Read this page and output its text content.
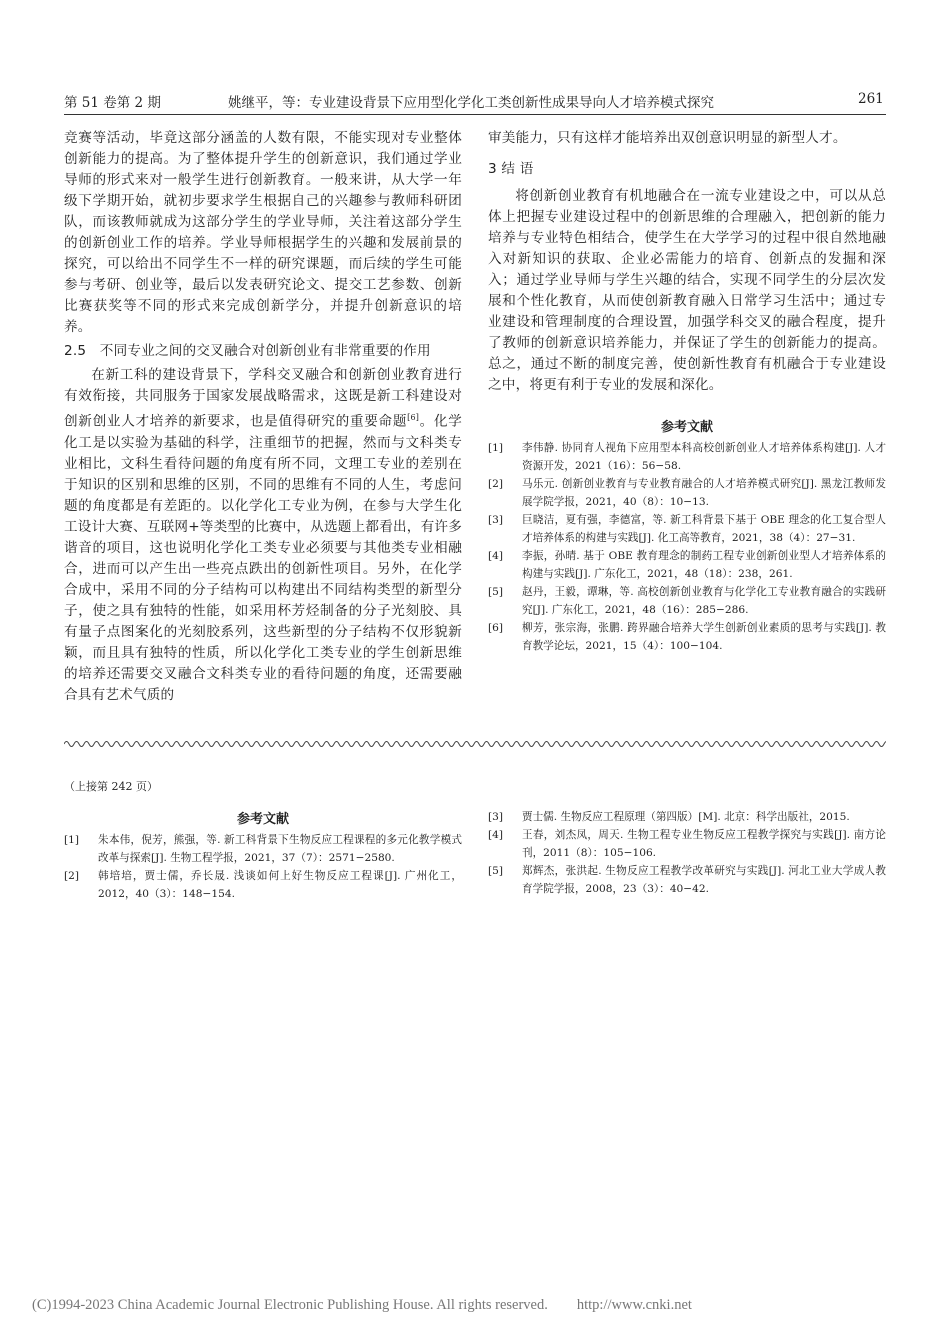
第 51 卷第 2 期	姚继平，等：专业建设背景下应用型化学化工类创新性成果导向人才培养模式探究	261

竞赛等活动，毕竟这部分涵盖的人数有限，不能实现对专业整体创新能力的提高。为了整体提升学生的创新意识，我们通过学业导师的形式来对一般学生进行创新教育。一般来讲，从大学一年级下学期开始，就初步要求学生根据自己的兴趣参与教师科研团队，而该教师就成为这部分学生的学业导师，关注着这部分学生的创新创业工作的培养。学业导师根据学生的兴趣和发展前景的探究，可以给出不同学生不一样的研究课题，而后续的学生可能参与考研、创业等，最后以发表研究论文、提交工艺参数、创新比赛获奖等不同的形式来完成创新学分，并提升创新意识的培养。

2.5 不同专业之间的交叉融合对创新创业有非常重要的作用

在新工科的建设背景下，学科交叉融合和创新创业教育进行有效衔接，共同服务于国家发展战略需求，这既是新工科建设对创新创业人才培养的新要求，也是值得研究的重要命题[6]。化学化工是以实验为基础的科学，注重细节的把握，然而与文科类专业相比，文科生看待问题的角度有所不同，文理工专业的差别在于知识的区别和思维的区别，不同的思维有不同的人生，考虑问题的角度都是有差距的。以化学化工专业为例，在参与大学生化工设计大赛、互联网+等类型的比赛中，从选题上都看出，有许多谐音的项目，这也说明化学化工类专业必须要与其他类专业相融合，进而可以产生出一些亮点跌出的创新性项目。另外，在化学合成中，采用不同的分子结构可以构建出不同结构类型的新型分子，使之具有独特的性能，如采用杯芳烃制备的分子光刻胶、具有量子点图案化的光刻胶系列，这些新型的分子结构不仅形貌新颖，而且具有独特的性质，所以化学化工类专业的学生创新思维的培养还需要交叉融合文科类专业的看待问题的角度，还需要融合具有艺术气质的

审美能力，只有这样才能培养出双创意识明显的新型人才。

3 结 语

将创新创业教育有机地融合在一流专业建设之中，可以从总体上把握专业建设过程中的创新思维的合理融入，把创新的能力培养与专业特色相结合，使学生在大学学习的过程中很自然地融入对新知识的获取、企业必需能力的培育、创新点的发掘和深入；通过学业导师与学生兴趣的结合，实现不同学生的分层次发展和个性化教育，从而使创新教育融入日常学习生活中；通过专业建设和管理制度的合理设置，加强学科交叉的融合程度，提升了教师的创新意识培养能力，并保证了学生的创新能力的提高。总之，通过不断的制度完善，使创新性教育有机融合于专业建设之中，将更有利于专业的发展和深化。

参考文献
[1]	李伟静. 协同育人视角下应用型本科高校创新创业人才培养体系构建[J]. 人才资源开发，2021（16）：56−58.
[2]	马乐元. 创新创业教育与专业教育融合的人才培养模式研究[J]. 黑龙江教师发展学院学报，2021，40（8）：10−13.
[3]	巨晓洁，夏有强，李德富，等. 新工科背景下基于 OBE 理念的化工复合型人才培养体系的构建与实践[J]. 化工高等教育，2021，38（4）：27−31.
[4]	李振，孙晴. 基于 OBE 教育理念的制药工程专业创新创业型人才培养体系的构建与实践[J]. 广东化工，2021，48（18）：238，261.
[5]	赵丹，王毅，谭琳，等. 高校创新创业教育与化学化工专业教育融合的实践研究[J]. 广东化工，2021，48（16）：285−286.
[6]	柳芳，张宗海，张鹏. 跨界融合培养大学生创新创业素质的思考与实践[J]. 教育教学论坛，2021，15（4）：100−104.
（上接第 242 页）
参考文献
[1]	朱本伟，倪芳，熊强，等. 新工科背景下生物反应工程课程的多元化教学模式改革与探索[J]. 生物工程学报，2021，37（7）：2571−2580.
[2]	韩培培，贾士儒，乔长晟. 浅谈如何上好生物反应工程课[J]. 广州化工，2012，40（3）：148−154.
[3]	贾士儒. 生物反应工程原理（第四版）[M]. 北京：科学出版社，2015.
[4]	王春，刘杰凤，周天. 生物工程专业生物反应工程教学探究与实践[J]. 南方论刊，2011（8）：105−106.
[5]	郑辉杰，张洪起. 生物反应工程教学改革研究与实践[J]. 河北工业大学成人教育学院学报，2008，23（3）：40−42.
(C)1994-2023 China Academic Journal Electronic Publishing House. All rights reserved. http://www.cnki.net
